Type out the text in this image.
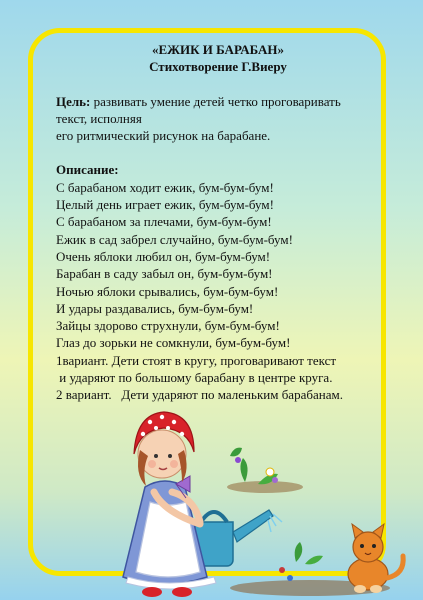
«ЕЖИК И БАРАБАН»
Стихотворение Г.Виеру
Цель: развивать умение детей четко проговаривать
текст, исполняя
его ритмический рисунок на барабане.
Описание:
С барабаном ходит ежик, бум-бум-бум!
Целый день играет ежик, бум-бум-бум!
С барабаном за плечами, бум-бум-бум!
Ежик в сад забрел случайно, бум-бум-бум!
Очень яблоки любил он, бум-бум-бум!
Барабан в саду забыл он, бум-бум-бум!
Ночью яблоки срывались, бум-бум-бум!
И удары раздавались, бум-бум-бум!
Зайцы здорово струхнули, бум-бум-бум!
Глаз до зорьки не сомкнули, бум-бум-бум!
1вариант. Дети стоят в кругу, проговаривают текст
и ударяют по большому барабану в центре круга.
2 вариант.   Дети ударяют по маленьким барабанам.
